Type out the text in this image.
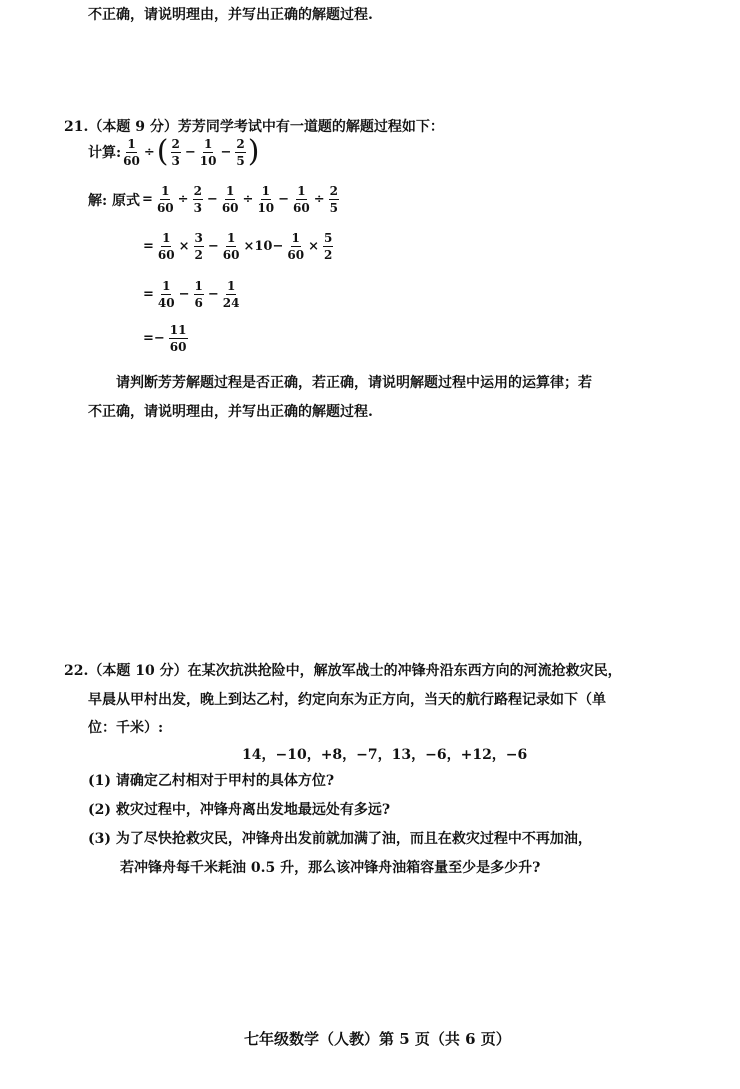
不正确，请说明理由，并写出正确的解题过程.
21.（本题 9 分）芳芳同学考试中有一道题的解题过程如下：
计算: $\frac{1}{60}$ ÷ ( $\frac{2}{3} - \frac{1}{10} - \frac{2}{5}$ )
解: 原式 = $\frac{1}{60} \div \frac{2}{3} - \frac{1}{60} \div \frac{1}{10} - \frac{1}{60} \div \frac{2}{5}$
= $\frac{1}{60} \times \frac{3}{2} - \frac{1}{60} \times 10- \frac{1}{60} \times \frac{5}{2}$
= $\frac{1}{40} - \frac{1}{6} - \frac{1}{24}$
=− $\frac{11}{60}$
请判断芳芳解题过程是否正确，若正确，请说明解题过程中运用的运算律；若
不正确，请说明理由，并写出正确的解题过程.
22.（本题 10 分）在某次抗洪抢险中，解放军战士的冲锋舟沿东西方向的河流抢救灾民，
早晨从甲村出发，晚上到达乙村，约定向东为正方向，当天的航行路程记录如下（单
位：千米）:
14，−10，+8，−7，13，−6，+12，−6
(1) 请确定乙村相对于甲村的具体方位?
(2) 救灾过程中，冲锋舟离出发地最远处有多远?
(3) 为了尽快抢救灾民，冲锋舟出发前就加满了油，而且在救灾过程中不再加油，
若冲锋舟每千米耗油 0.5 升，那么该冲锋舟油箱容量至少是多少升?
七年级数学（人教）第 5 页（共 6 页）
